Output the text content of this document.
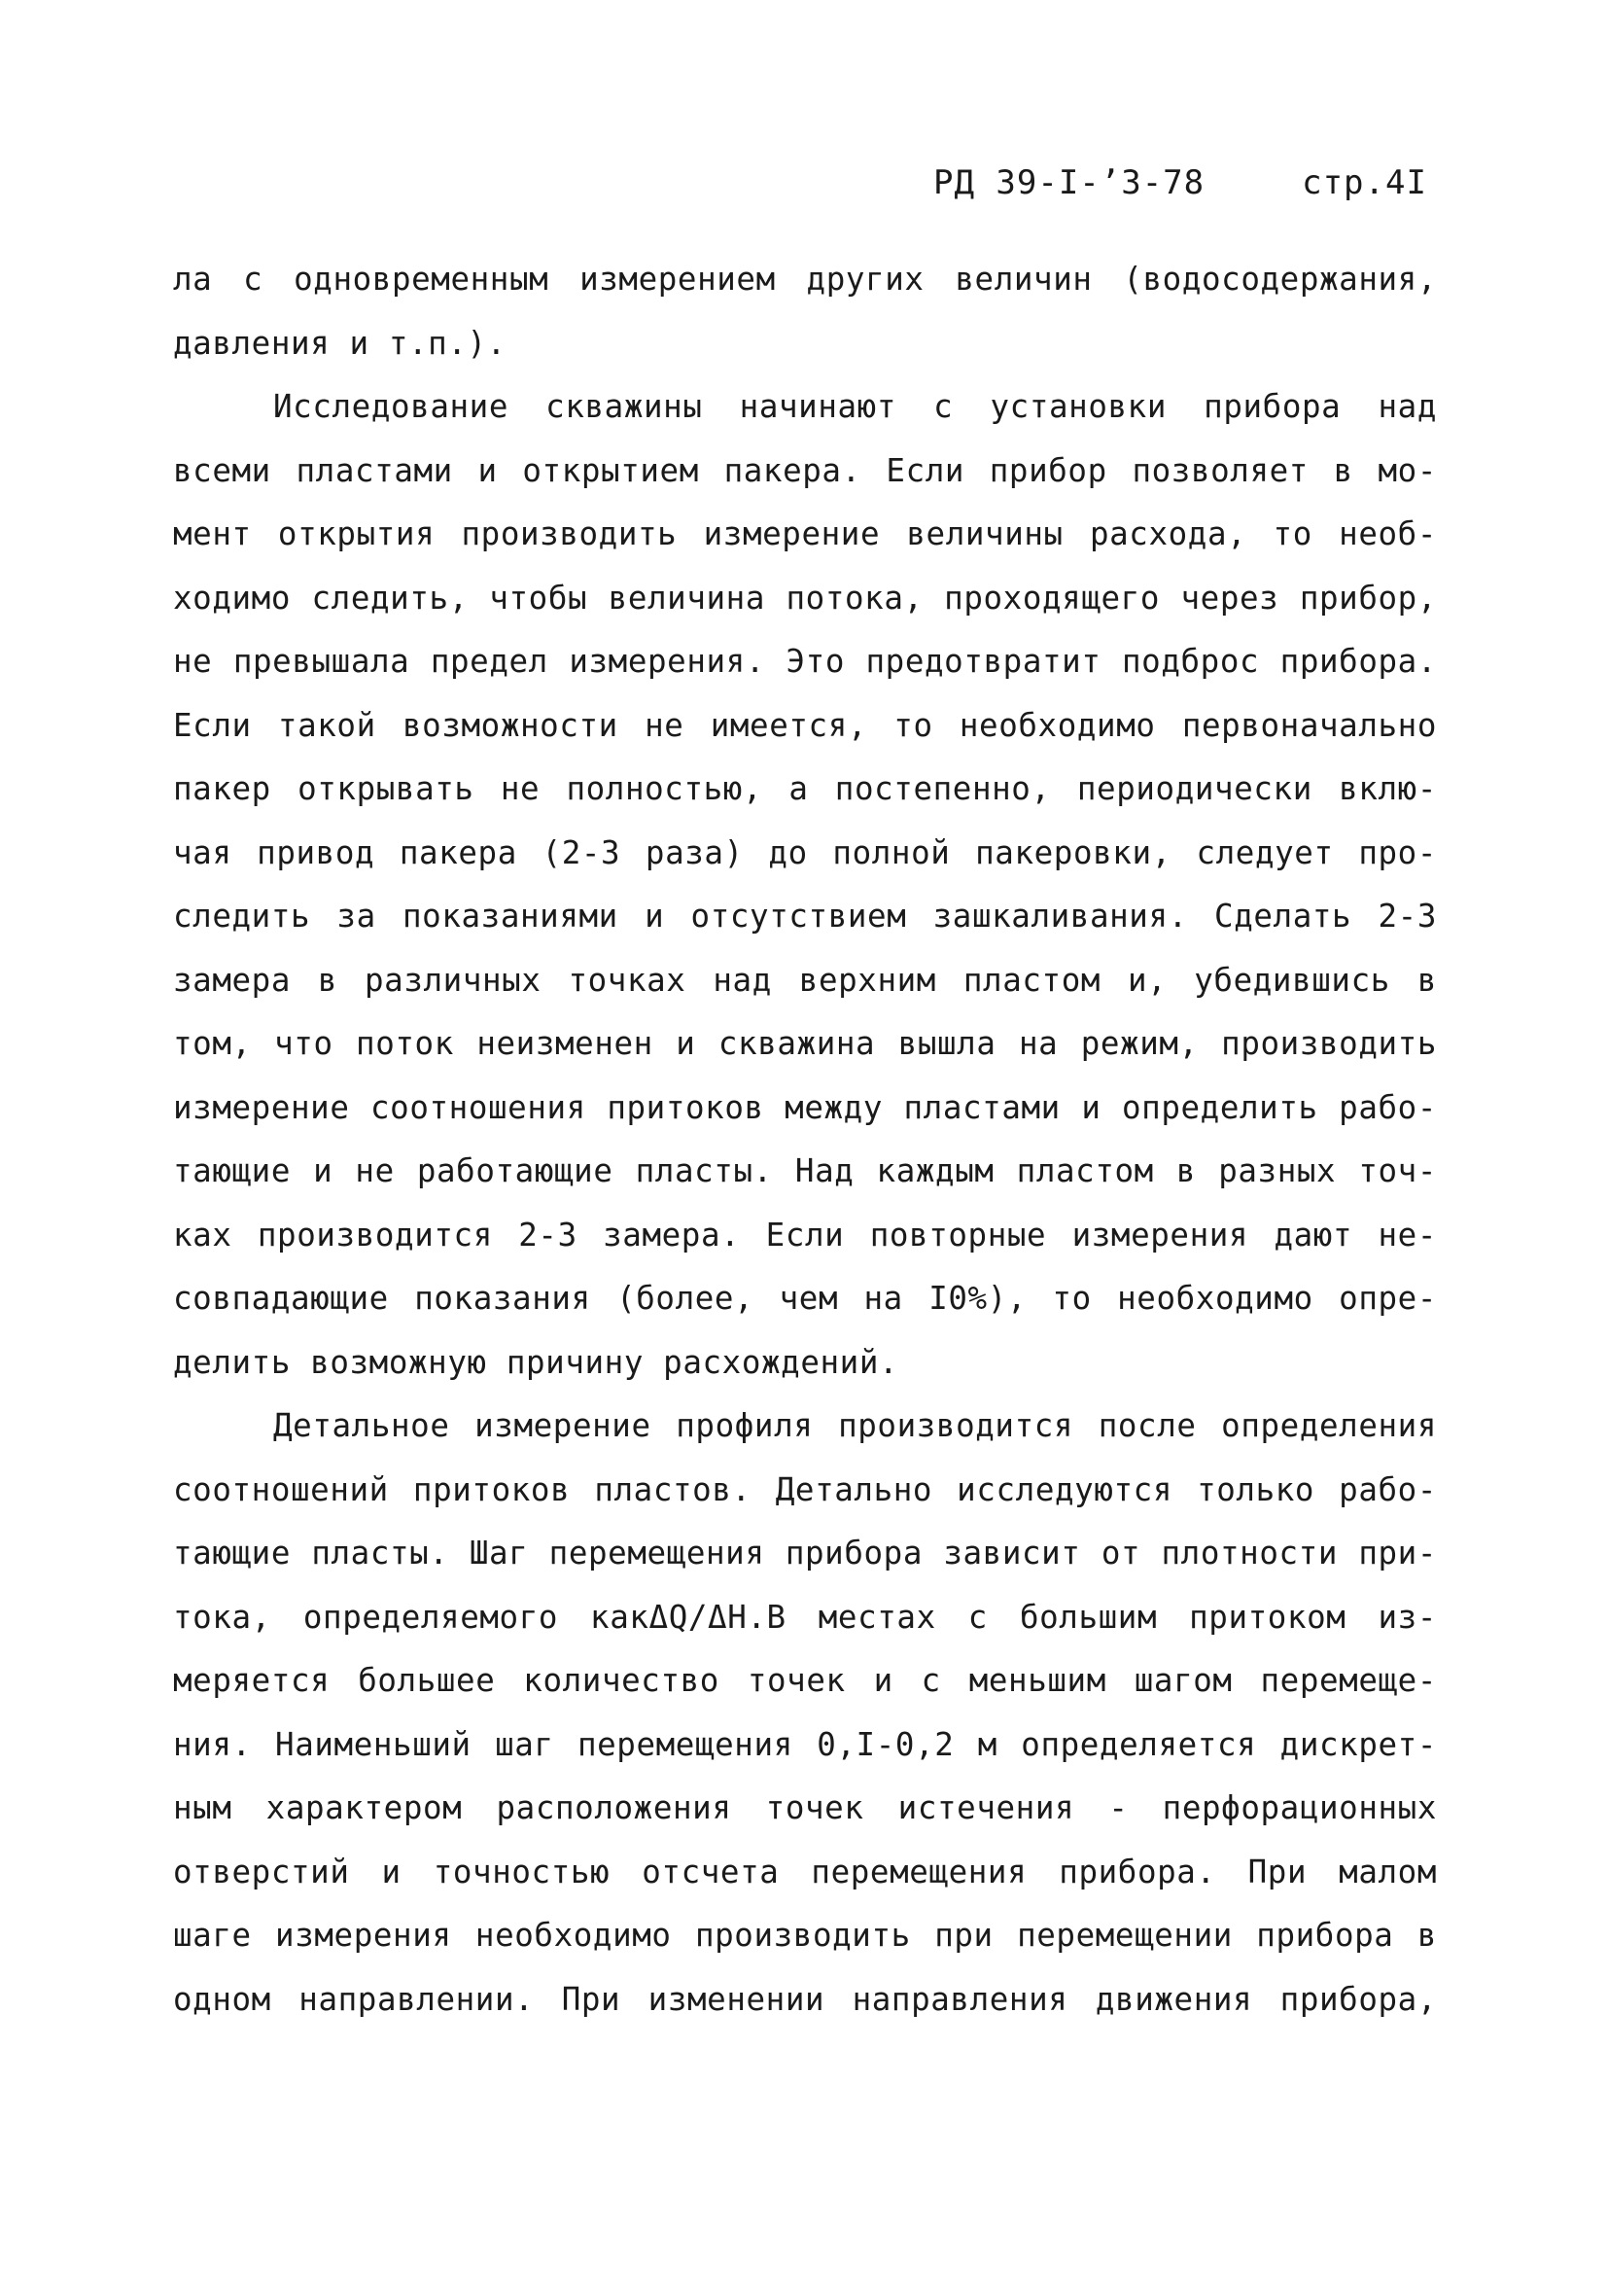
РД 39-I-ʼ3-78	стр.4I
ла с одновременным измерением других величин (водосодержания,
давления и т.п.).
Исследование скважины начинают с установки прибора над
всеми пластами и открытием пакера. Если прибор позволяет в мо-
мент открытия производить измерение величины расхода, то необ-
ходимо следить, чтобы величина потока, проходящего через прибор,
не превышала предел измерения. Это предотвратит подброс прибора.
Если такой возможности не имеется, то необходимо первоначально
пакер открывать не полностью, а постепенно, периодически вклю-
чая привод пакера (2-3 раза) до полной пакеровки, следует про-
следить за показаниями и отсутствием зашкаливания. Сделать 2-3
замера в различных точках над верхним пластом и, убедившись в
том, что поток неизменен и скважина вышла на режим, производить
измерение соотношения притоков между пластами и определить рабо-
тающие и не работающие пласты. Над каждым пластом в разных точ-
ках производится 2-3 замера. Если повторные измерения дают не-
совпадающие показания (более, чем на I0%), то необходимо опре-
делить возможную причину расхождений.
Детальное измерение профиля производится после определения
соотношений притоков пластов. Детально исследуются только рабо-
тающие пласты. Шаг перемещения прибора зависит от плотности при-
тока, определяемого какΔQ/ΔH.В местах с большим притоком из-
меряется большее количество точек и с меньшим шагом перемеще-
ния. Наименьший шаг перемещения 0,I-0,2 м определяется дискрет-
ным характером расположения точек истечения - перфорационных
отверстий и точностью отсчета перемещения прибора. При малом
шаге измерения необходимо производить при перемещении прибора в
одном направлении. При изменении направления движения прибора,
